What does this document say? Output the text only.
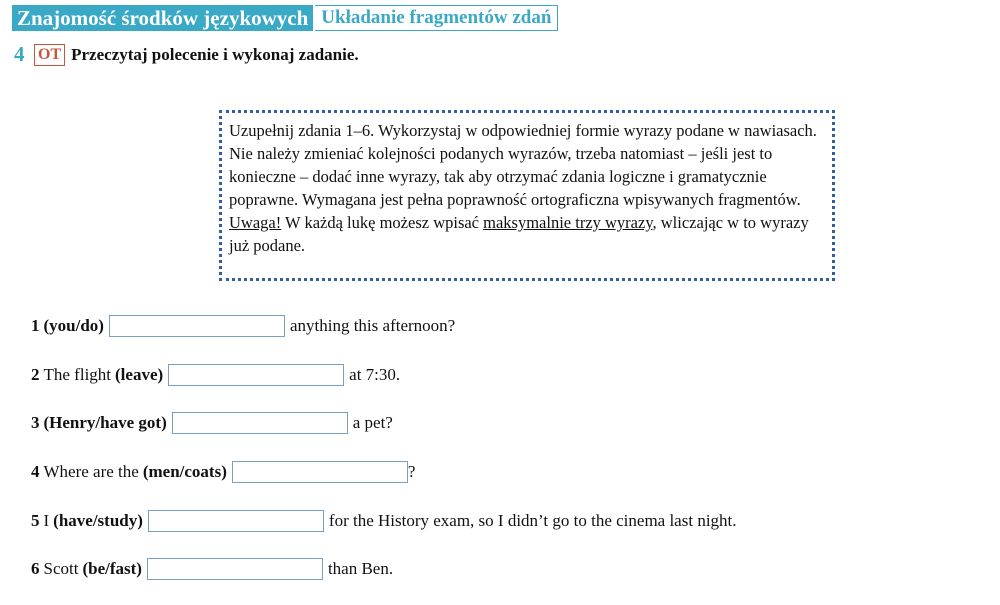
Znajomość środków językowych Układanie fragmentów zdań
4 OT Przeczytaj polecenie i wykonaj zadanie.
Uzupełnij zdania 1–6. Wykorzystaj w odpowiedniej formie wyrazy podane w nawiasach. Nie należy zmieniać kolejności podanych wyrazów, trzeba natomiast – jeśli jest to konieczne – dodać inne wyrazy, tak aby otrzymać zdania logiczne i gramatycznie poprawne. Wymagana jest pełna poprawność ortograficzna wpisywanych fragmentów. Uwaga! W każdą lukę możesz wpisać maksymalnie trzy wyrazy, wliczając w to wyrazy już podane.
1 (you/do)	anything this afternoon?
2 The flight (leave)	at 7:30.
3 (Henry/have got)	a pet?
4 Where are the (men/coats)	?
5 I (have/study)	for the History exam, so I didn’t go to the cinema last night.
6 Scott (be/fast)	than Ben.
